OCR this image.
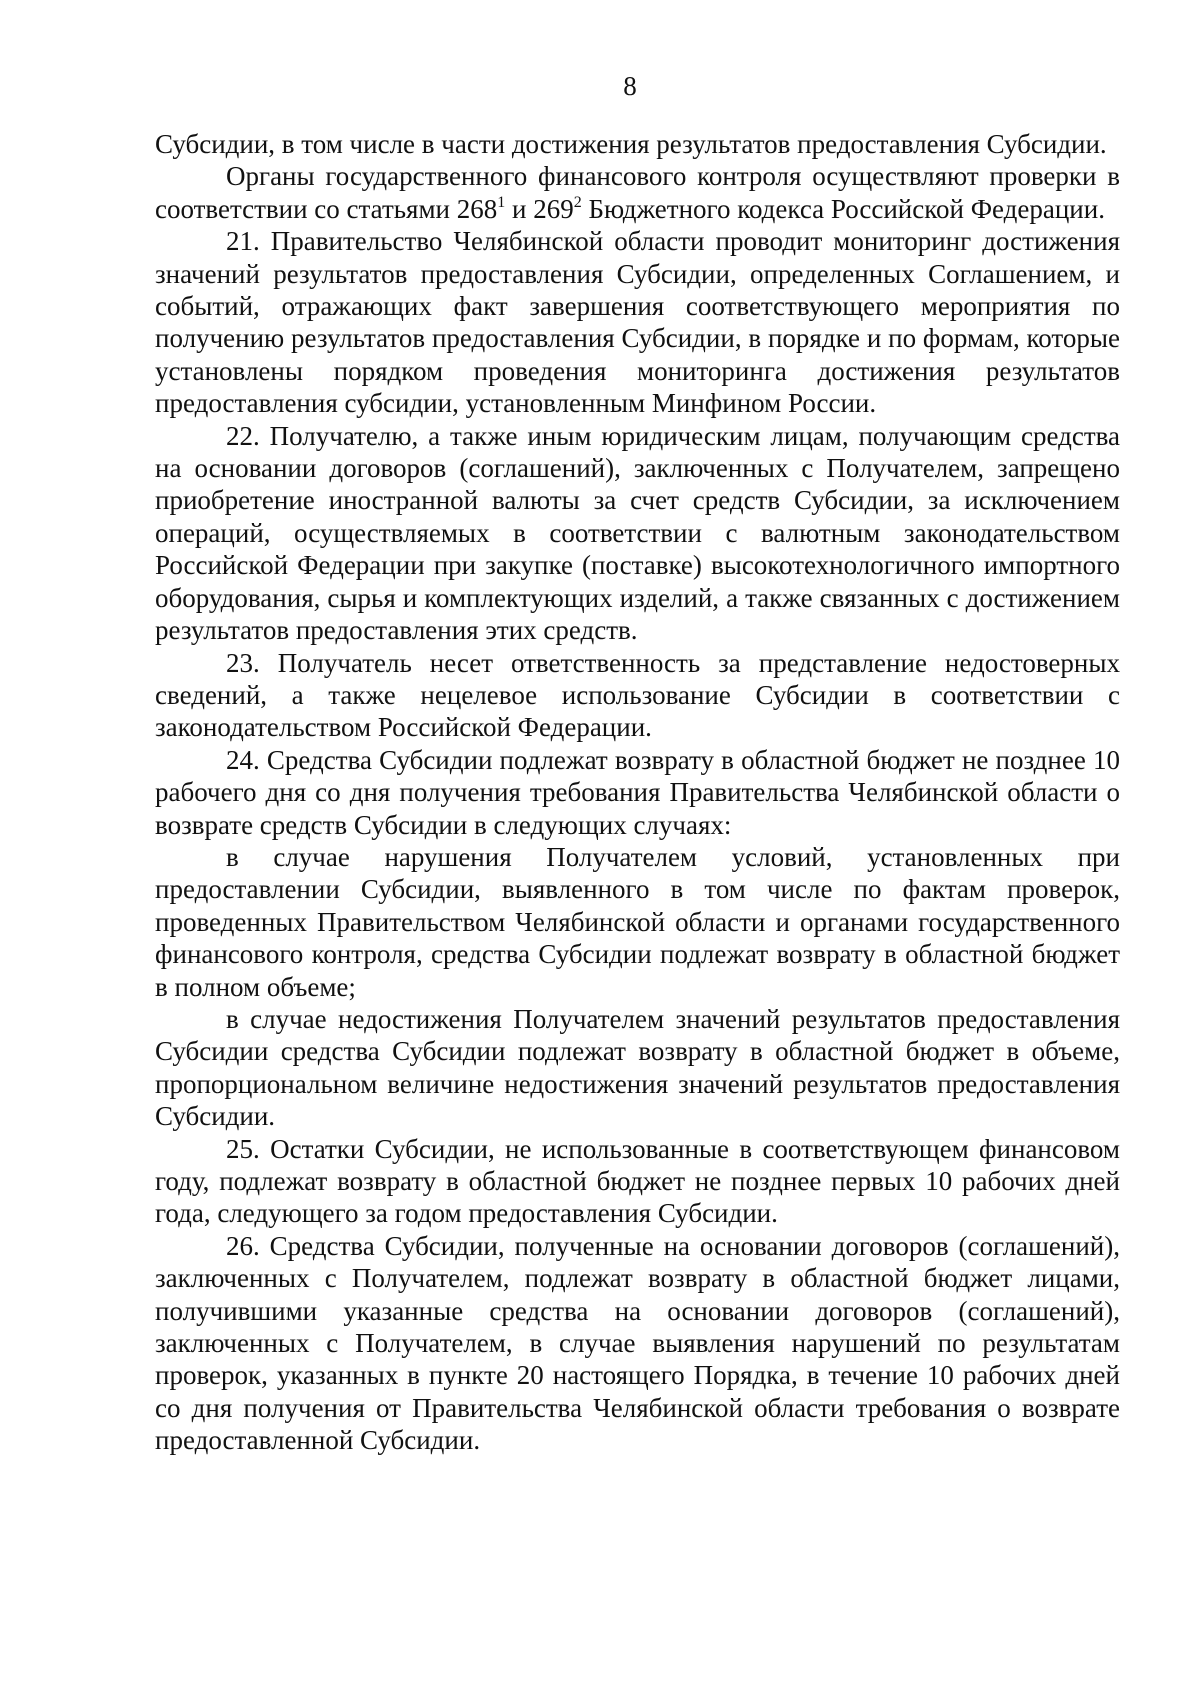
8

Субсидии, в том числе в части достижения результатов предоставления Субсидии.

Органы государственного финансового контроля осуществляют проверки в соответствии со статьями $268^1$ и $269^2$ Бюджетного кодекса Российской Федерации.

21. Правительство Челябинской области проводит мониторинг достижения значений результатов предоставления Субсидии, определенных Соглашением, и событий, отражающих факт завершения соответствующего мероприятия по получению результатов предоставления Субсидии, в порядке и по формам, которые установлены порядком проведения мониторинга достижения результатов предоставления субсидии, установленным Минфином России.

22. Получателю, а также иным юридическим лицам, получающим средства на основании договоров (соглашений), заключенных с Получателем, запрещено приобретение иностранной валюты за счет средств Субсидии, за исключением операций, осуществляемых в соответствии с валютным законодательством Российской Федерации при закупке (поставке) высокотехнологичного импортного оборудования, сырья и комплектующих изделий, а также связанных с достижением результатов предоставления этих средств.

23. Получатель несет ответственность за представление недостоверных сведений, а также нецелевое использование Субсидии в соответствии с законодательством Российской Федерации.

24. Средства Субсидии подлежат возврату в областной бюджет не позднее 10 рабочего дня со дня получения требования Правительства Челябинской области о возврате средств Субсидии в следующих случаях:

в случае нарушения Получателем условий, установленных при предоставлении Субсидии, выявленного в том числе по фактам проверок, проведенных Правительством Челябинской области и органами государственного финансового контроля, средства Субсидии подлежат возврату в областной бюджет в полном объеме;

в случае недостижения Получателем значений результатов предоставления Субсидии средства Субсидии подлежат возврату в областной бюджет в объеме, пропорциональном величине недостижения значений результатов предоставления Субсидии.

25. Остатки Субсидии, не использованные в соответствующем финансовом году, подлежат возврату в областной бюджет не позднее первых 10 рабочих дней года, следующего за годом предоставления Субсидии.

26. Средства Субсидии, полученные на основании договоров (соглашений), заключенных с Получателем, подлежат возврату в областной бюджет лицами, получившими указанные средства на основании договоров (соглашений), заключенных с Получателем, в случае выявления нарушений по результатам проверок, указанных в пункте 20 настоящего Порядка, в течение 10 рабочих дней со дня получения от Правительства Челябинской области требования о возврате предоставленной Субсидии.
